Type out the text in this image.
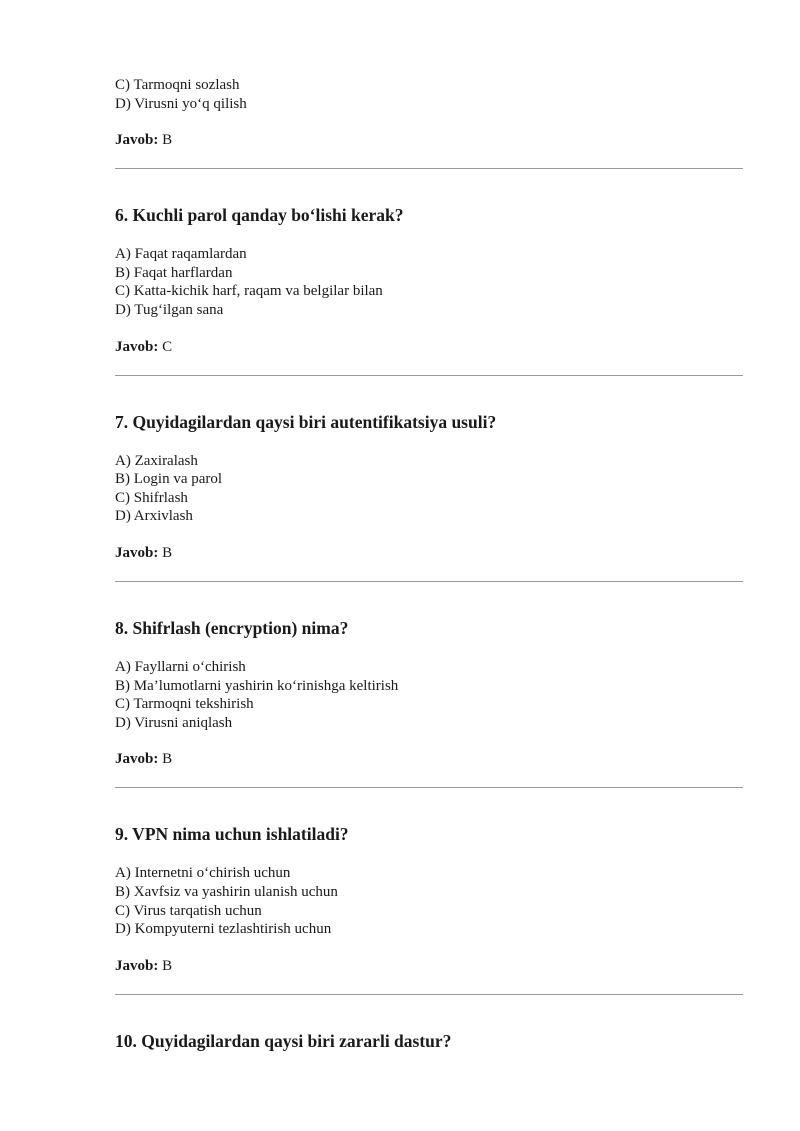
C) Tarmoqni sozlash

D) Virusni yo‘q qilish

Javob: B
6. Kuchli parol qanday bo‘lishi kerak?

A) Faqat raqamlardan

B) Faqat harflardan

C) Katta-kichik harf, raqam va belgilar bilan

D) Tug‘ilgan sana

Javob: C
7. Quyidagilardan qaysi biri autentifikatsiya usuli?

A) Zaxiralash

B) Login va parol

C) Shifrlash

D) Arxivlash

Javob: B
8. Shifrlash (encryption) nima?

A) Fayllarni o‘chirish

B) Ma’lumotlarni yashirin ko‘rinishga keltirish

C) Tarmoqni tekshirish

D) Virusni aniqlash

Javob: B
9. VPN nima uchun ishlatiladi?

A) Internetni o‘chirish uchun

B) Xavfsiz va yashirin ulanish uchun

C) Virus tarqatish uchun

D) Kompyuterni tezlashtirish uchun

Javob: B
10. Quyidagilardan qaysi biri zararli dastur?
